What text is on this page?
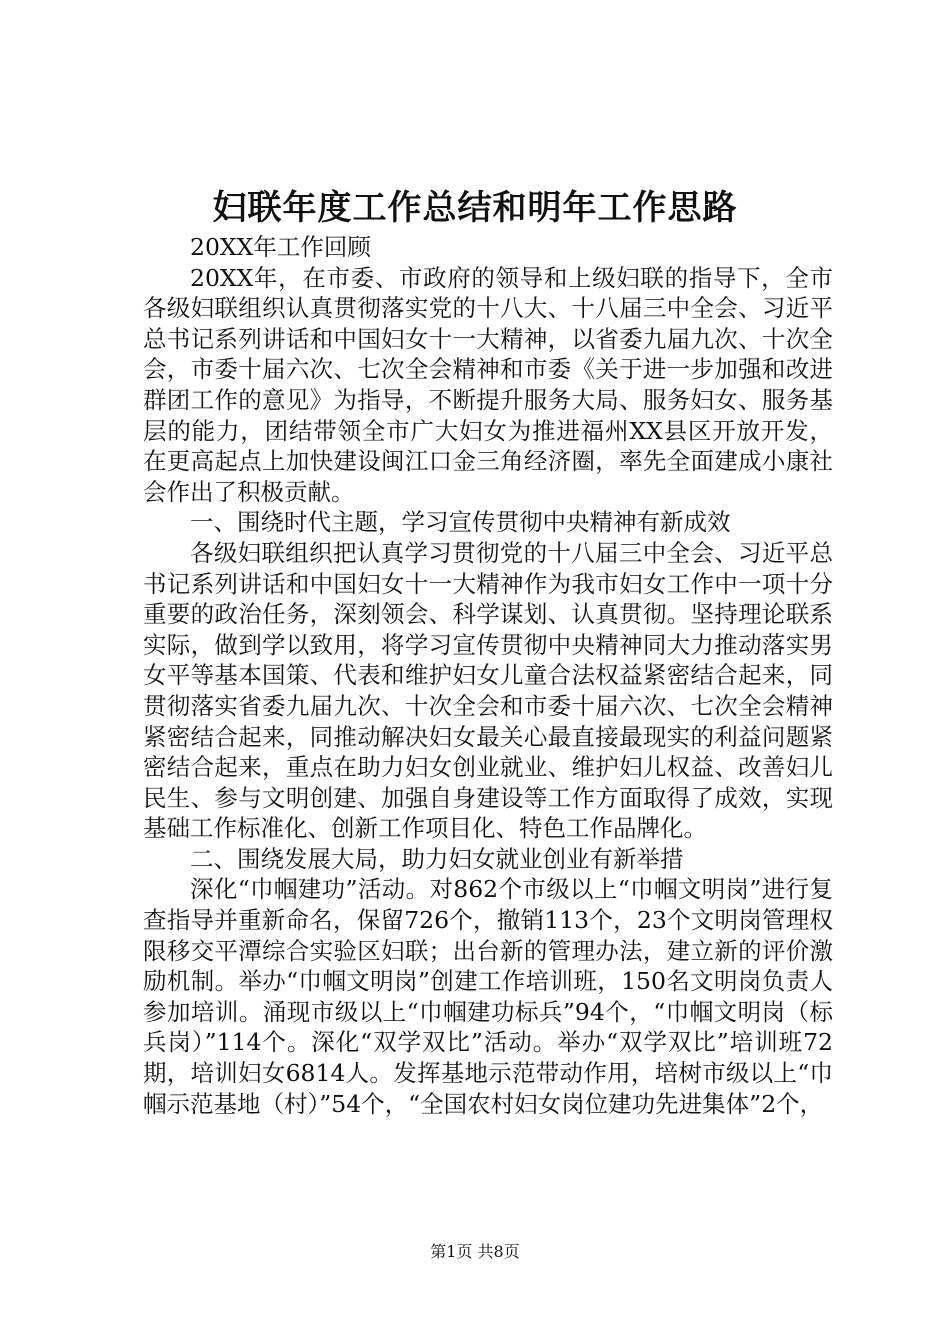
妇联年度工作总结和明年工作思路

20XX年工作回顾

20XX年，在市委、市政府的领导和上级妇联的指导下，全市各级妇联组织认真贯彻落实党的十八大、十八届三中全会、习近平总书记系列讲话和中国妇女十一大精神，以省委九届九次、十次全会，市委十届六次、七次全会精神和市委《关于进一步加强和改进群团工作的意见》为指导，不断提升服务大局、服务妇女、服务基层的能力，团结带领全市广大妇女为推进福州XX县区开放开发，在更高起点上加快建设闽江口金三角经济圈，率先全面建成小康社会作出了积极贡献。

一、围绕时代主题，学习宣传贯彻中央精神有新成效

各级妇联组织把认真学习贯彻党的十八届三中全会、习近平总书记系列讲话和中国妇女十一大精神作为我市妇女工作中一项十分重要的政治任务，深刻领会、科学谋划、认真贯彻。坚持理论联系实际，做到学以致用，将学习宣传贯彻中央精神同大力推动落实男女平等基本国策、代表和维护妇女儿童合法权益紧密结合起来，同贯彻落实省委九届九次、十次全会和市委十届六次、七次全会精神紧密结合起来，同推动解决妇女最关心最直接最现实的利益问题紧密结合起来，重点在助力妇女创业就业、维护妇儿权益、改善妇儿民生、参与文明创建、加强自身建设等工作方面取得了成效，实现基础工作标准化、创新工作项目化、特色工作品牌化。

二、围绕发展大局，助力妇女就业创业有新举措

深化“巾帼建功”活动。对862个市级以上“巾帼文明岗”进行复查指导并重新命名，保留726个，撤销113个，23个文明岗管理权限移交平潭综合实验区妇联；出台新的管理办法，建立新的评价激励机制。举办“巾帼文明岗”创建工作培训班，150名文明岗负责人参加培训。涌现市级以上“巾帼建功标兵”94个，“巾帼文明岗（标兵岗）”114个。深化“双学双比”活动。举办“双学双比”培训班72期，培训妇女6814人。发挥基地示范带动作用，培树市级以上“巾帼示范基地（村）”54个，“全国农村妇女岗位建功先进集体”2个，

第1页 共8页
